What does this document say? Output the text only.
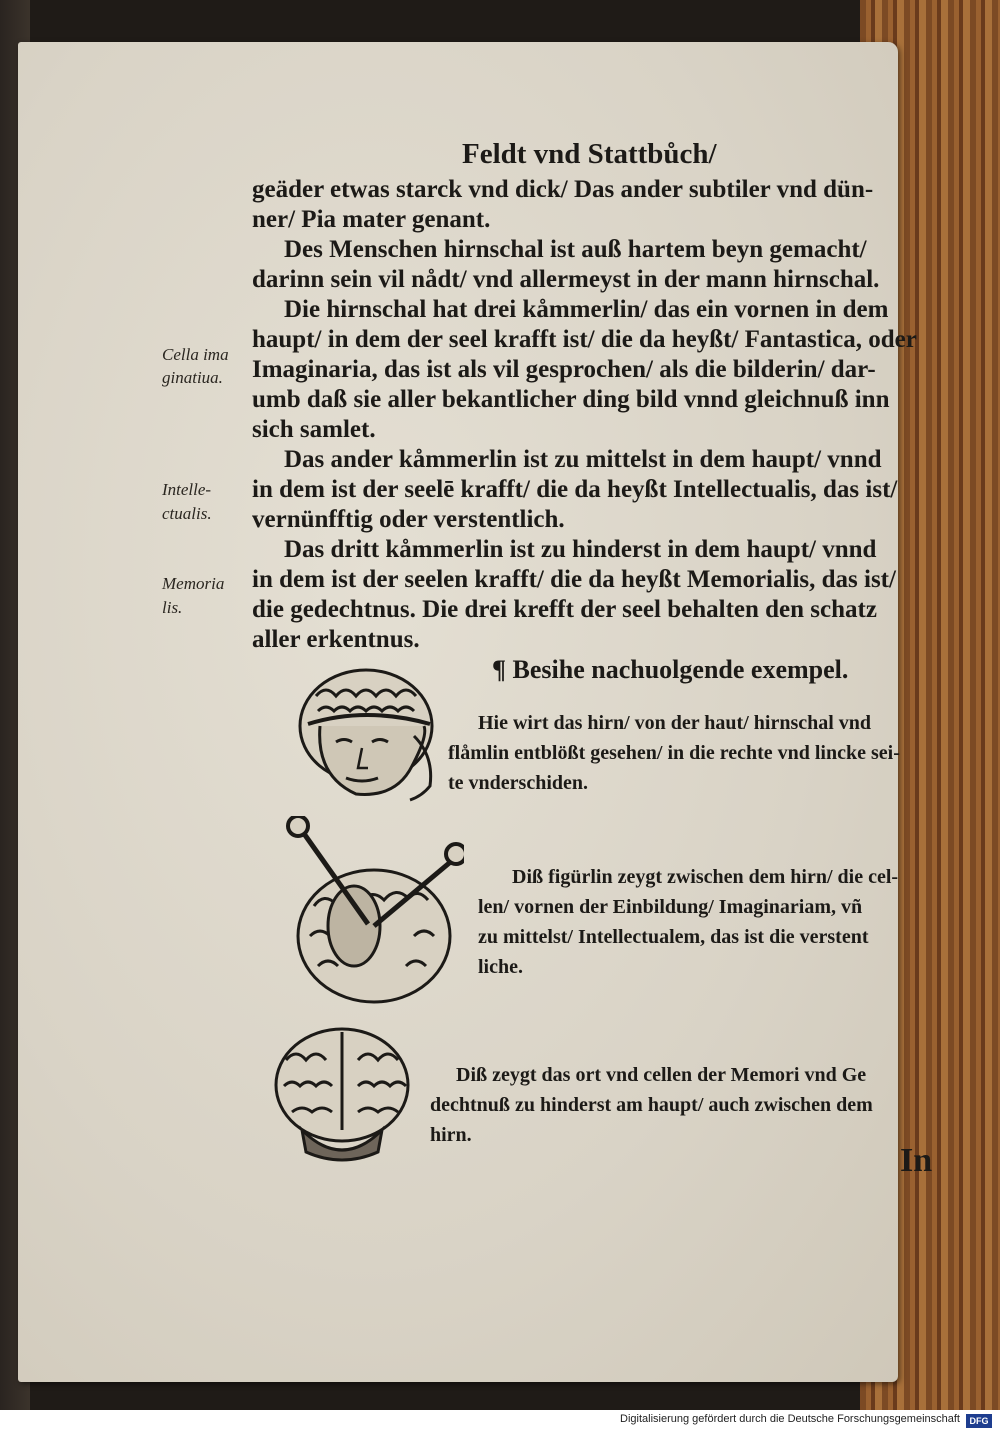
Feldt vnd Stattbůch/
geäder etwas starck vnd dick/ Das ander subtiler vnd dün-
ner/ Pia mater genant.
Des Menschen hirnschal ist auß hartem beyn gemacht/
darinn sein vil nådt/ vnd allermeyst in der mann hirnschal.
Die hirnschal hat drei kåmmerlin/ das ein vornen in dem
haupt/ in dem der seel krafft ist/ die da heyßt/ Fantastica, oder
Imaginaria, das ist als vil gesprochen/ als die bilderin/ dar-
umb daß sie aller bekantlicher ding bild vnnd gleichnuß inn
sich samlet.
Das ander kåmmerlin ist zu mittelst in dem haupt/ vnnd
in dem ist der seelē krafft/ die da heyßt Intellectualis, das ist/
vernünfftig oder verstentlich.
Das dritt kåmmerlin ist zu hinderst in dem haupt/ vnnd
in dem ist der seelen krafft/ die da heyßt Memorialis, das ist/
die gedechtnus. Die drei krefft der seel behalten den schatz
aller erkentnus.
Cella ima
ginatiua.
Intelle-
ctualis.
Memoria
lis.
¶ Besihe nachuolgende exempel.
Hie wirt das hirn/ von der haut/ hirnschal vnd
flåmlin entblößt gesehen/ in die rechte vnd lincke sei-
te vnderschiden.
Diß figürlin zeygt zwischen dem hirn/ die cel-
len/ vornen der Einbildung/ Imaginariam, vñ
zu mittelst/ Intellectualem, das ist die verstent
liche.
Diß zeygt das ort vnd cellen der Memori vnd Ge
dechtnuß zu hinderst am haupt/ auch zwischen dem
hirn.
In
Digitalisierung gefördert durch die Deutsche Forschungsgemeinschaft	DFG
